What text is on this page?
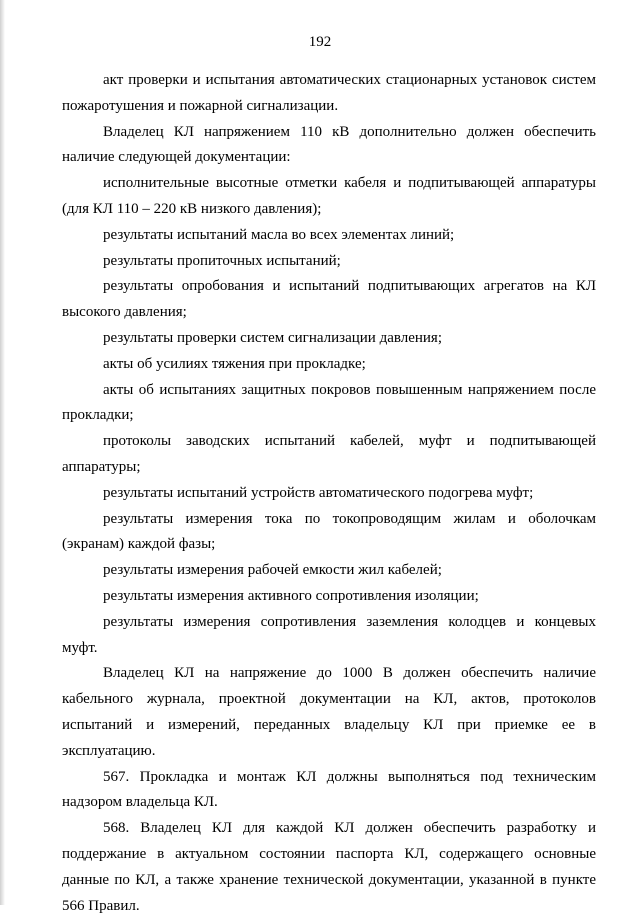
192

акт проверки и испытания автоматических стационарных установок систем пожаротушения и пожарной сигнализации.

Владелец КЛ напряжением 110 кВ дополнительно должен обеспечить наличие следующей документации:

исполнительные высотные отметки кабеля и подпитывающей аппаратуры (для КЛ 110 – 220 кВ низкого давления);

результаты испытаний масла во всех элементах линий;

результаты пропиточных испытаний;

результаты опробования и испытаний подпитывающих агрегатов на КЛ высокого давления;

результаты проверки систем сигнализации давления;

акты об усилиях тяжения при прокладке;

акты об испытаниях защитных покровов повышенным напряжением после прокладки;

протоколы заводских испытаний кабелей, муфт и подпитывающей аппаратуры;

результаты испытаний устройств автоматического подогрева муфт;

результаты измерения тока по токопроводящим жилам и оболочкам (экранам) каждой фазы;

результаты измерения рабочей емкости жил кабелей;

результаты измерения активного сопротивления изоляции;

результаты измерения сопротивления заземления колодцев и концевых муфт.

Владелец КЛ на напряжение до 1000 В должен обеспечить наличие кабельного журнала, проектной документации на КЛ, актов, протоколов испытаний и измерений, переданных владельцу КЛ при приемке ее в эксплуатацию.

567. Прокладка и монтаж КЛ должны выполняться под техническим надзором владельца КЛ.

568. Владелец КЛ для каждой КЛ должен обеспечить разработку и поддержание в актуальном состоянии паспорта КЛ, содержащего основные данные по КЛ, а также хранение технической документации, указанной в пункте 566 Правил.
